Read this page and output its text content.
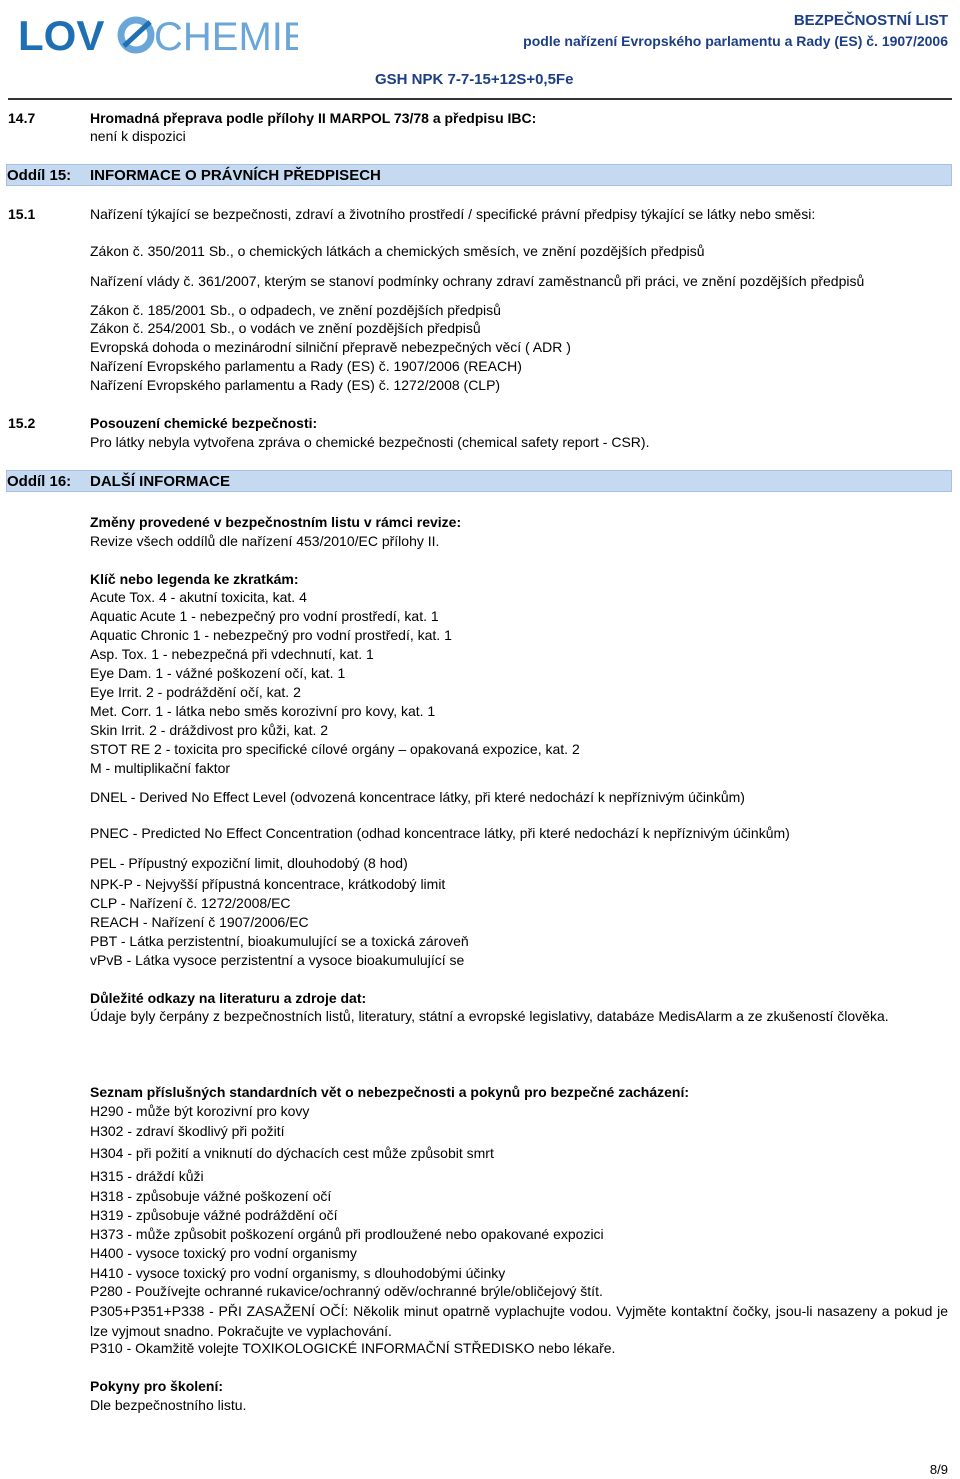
LOV CHEMIE	BEZPEČNOSTNÍ LIST
podle nařízení Evropského parlamentu a Rady (ES) č. 1907/2006
GSH NPK 7-7-15+12S+0,5Fe
14.7	Hromadná přeprava podle přílohy II MARPOL 73/78 a předpisu IBC:
není k dispozici
Oddíl 15: INFORMACE O PRÁVNÍCH PŘEDPISECH
15.1	Nařízení týkající se bezpečnosti, zdraví a životního prostředí / specifické právní předpisy týkající se látky nebo směsi:
Zákon č. 350/2011 Sb., o chemických látkách a chemických směsích, ve znění pozdějších předpisů
Nařízení vlády č. 361/2007, kterým se stanoví podmínky ochrany zdraví zaměstnanců při práci, ve znění pozdějších předpisů
Zákon č. 185/2001 Sb., o odpadech, ve znění pozdějších předpisů
Zákon č. 254/2001 Sb., o vodách ve znění pozdějších předpisů
Evropská dohoda o mezinárodní silniční přepravě nebezpečných věcí ( ADR )
Nařízení Evropského parlamentu a Rady (ES) č. 1907/2006 (REACH)
Nařízení Evropského parlamentu a Rady (ES) č. 1272/2008 (CLP)
15.2	Posouzení chemické bezpečnosti:
Pro látky nebyla vytvořena zpráva o chemické bezpečnosti (chemical safety report - CSR).
Oddíl 16: DALŠÍ INFORMACE
Změny provedené v bezpečnostním listu v rámci revize:
Revize všech oddílů dle nařízení 453/2010/EC přílohy II.
Klíč nebo legenda ke zkratkám:
Acute Tox. 4 - akutní toxicita, kat. 4
Aquatic Acute 1 - nebezpečný pro vodní prostředí, kat. 1
Aquatic Chronic 1 - nebezpečný pro vodní prostředí, kat. 1
Asp. Tox. 1 - nebezpečná při vdechnutí, kat. 1
Eye Dam. 1 - vážné poškození očí, kat. 1
Eye Irrit. 2 - podráždění očí, kat. 2
Met. Corr. 1 - látka nebo směs korozivní pro kovy, kat. 1
Skin Irrit. 2 - dráždivost pro kůži, kat. 2
STOT RE 2 - toxicita pro specifické cílové orgány – opakovaná expozice, kat. 2
M - multiplikační faktor
DNEL - Derived No Effect Level (odvozená koncentrace látky, při které nedochází k nepříznivým účinkům)
PNEC - Predicted No Effect Concentration (odhad koncentrace látky, při které nedochází k nepříznivým účinkům)
PEL - Přípustný expoziční limit, dlouhodobý (8 hod)
NPK-P - Nejvyšší přípustná koncentrace, krátkodobý limit
CLP - Nařízení č. 1272/2008/EC
REACH - Nařízení č 1907/2006/EC
PBT - Látka perzistentní, bioakumulující se a toxická zároveň
vPvB - Látka vysoce perzistentní a vysoce bioakumulující se
Důležité odkazy na literaturu a zdroje dat:
Údaje byly čerpány z bezpečnostních listů, literatury, státní a evropské legislativy, databáze MedisAlarm a ze zkušeností člověka.
Seznam příslušných standardních vět o nebezpečnosti a pokynů pro bezpečné zacházení:
H290 - může být korozivní pro kovy
H302 - zdraví škodlivý při požití
H304 - při požití a vniknutí do dýchacích cest může způsobit smrt
H315 - dráždí kůži
H318 - způsobuje vážné poškození očí
H319 - způsobuje vážné podráždění očí
H373 - může způsobit poškození orgánů při prodloužené nebo opakované expozici
H400 - vysoce toxický pro vodní organismy
H410 - vysoce toxický pro vodní organismy, s dlouhodobými účinky
P280 - Používejte ochranné rukavice/ochranný oděv/ochranné brýle/obličejový štít.
P305+P351+P338 - PŘI ZASAŽENÍ OČÍ: Několik minut opatrně vyplachujte vodou. Vyjměte kontaktní čočky, jsou-li nasazeny a pokud je lze vyjmout snadno. Pokračujte ve vyplachování.
P310 - Okamžitě volejte TOXIKOLOGICKÉ INFORMAČNÍ STŘEDISKO nebo lékaře.
Pokyny pro školení:
Dle bezpečnostního listu.
8/9
